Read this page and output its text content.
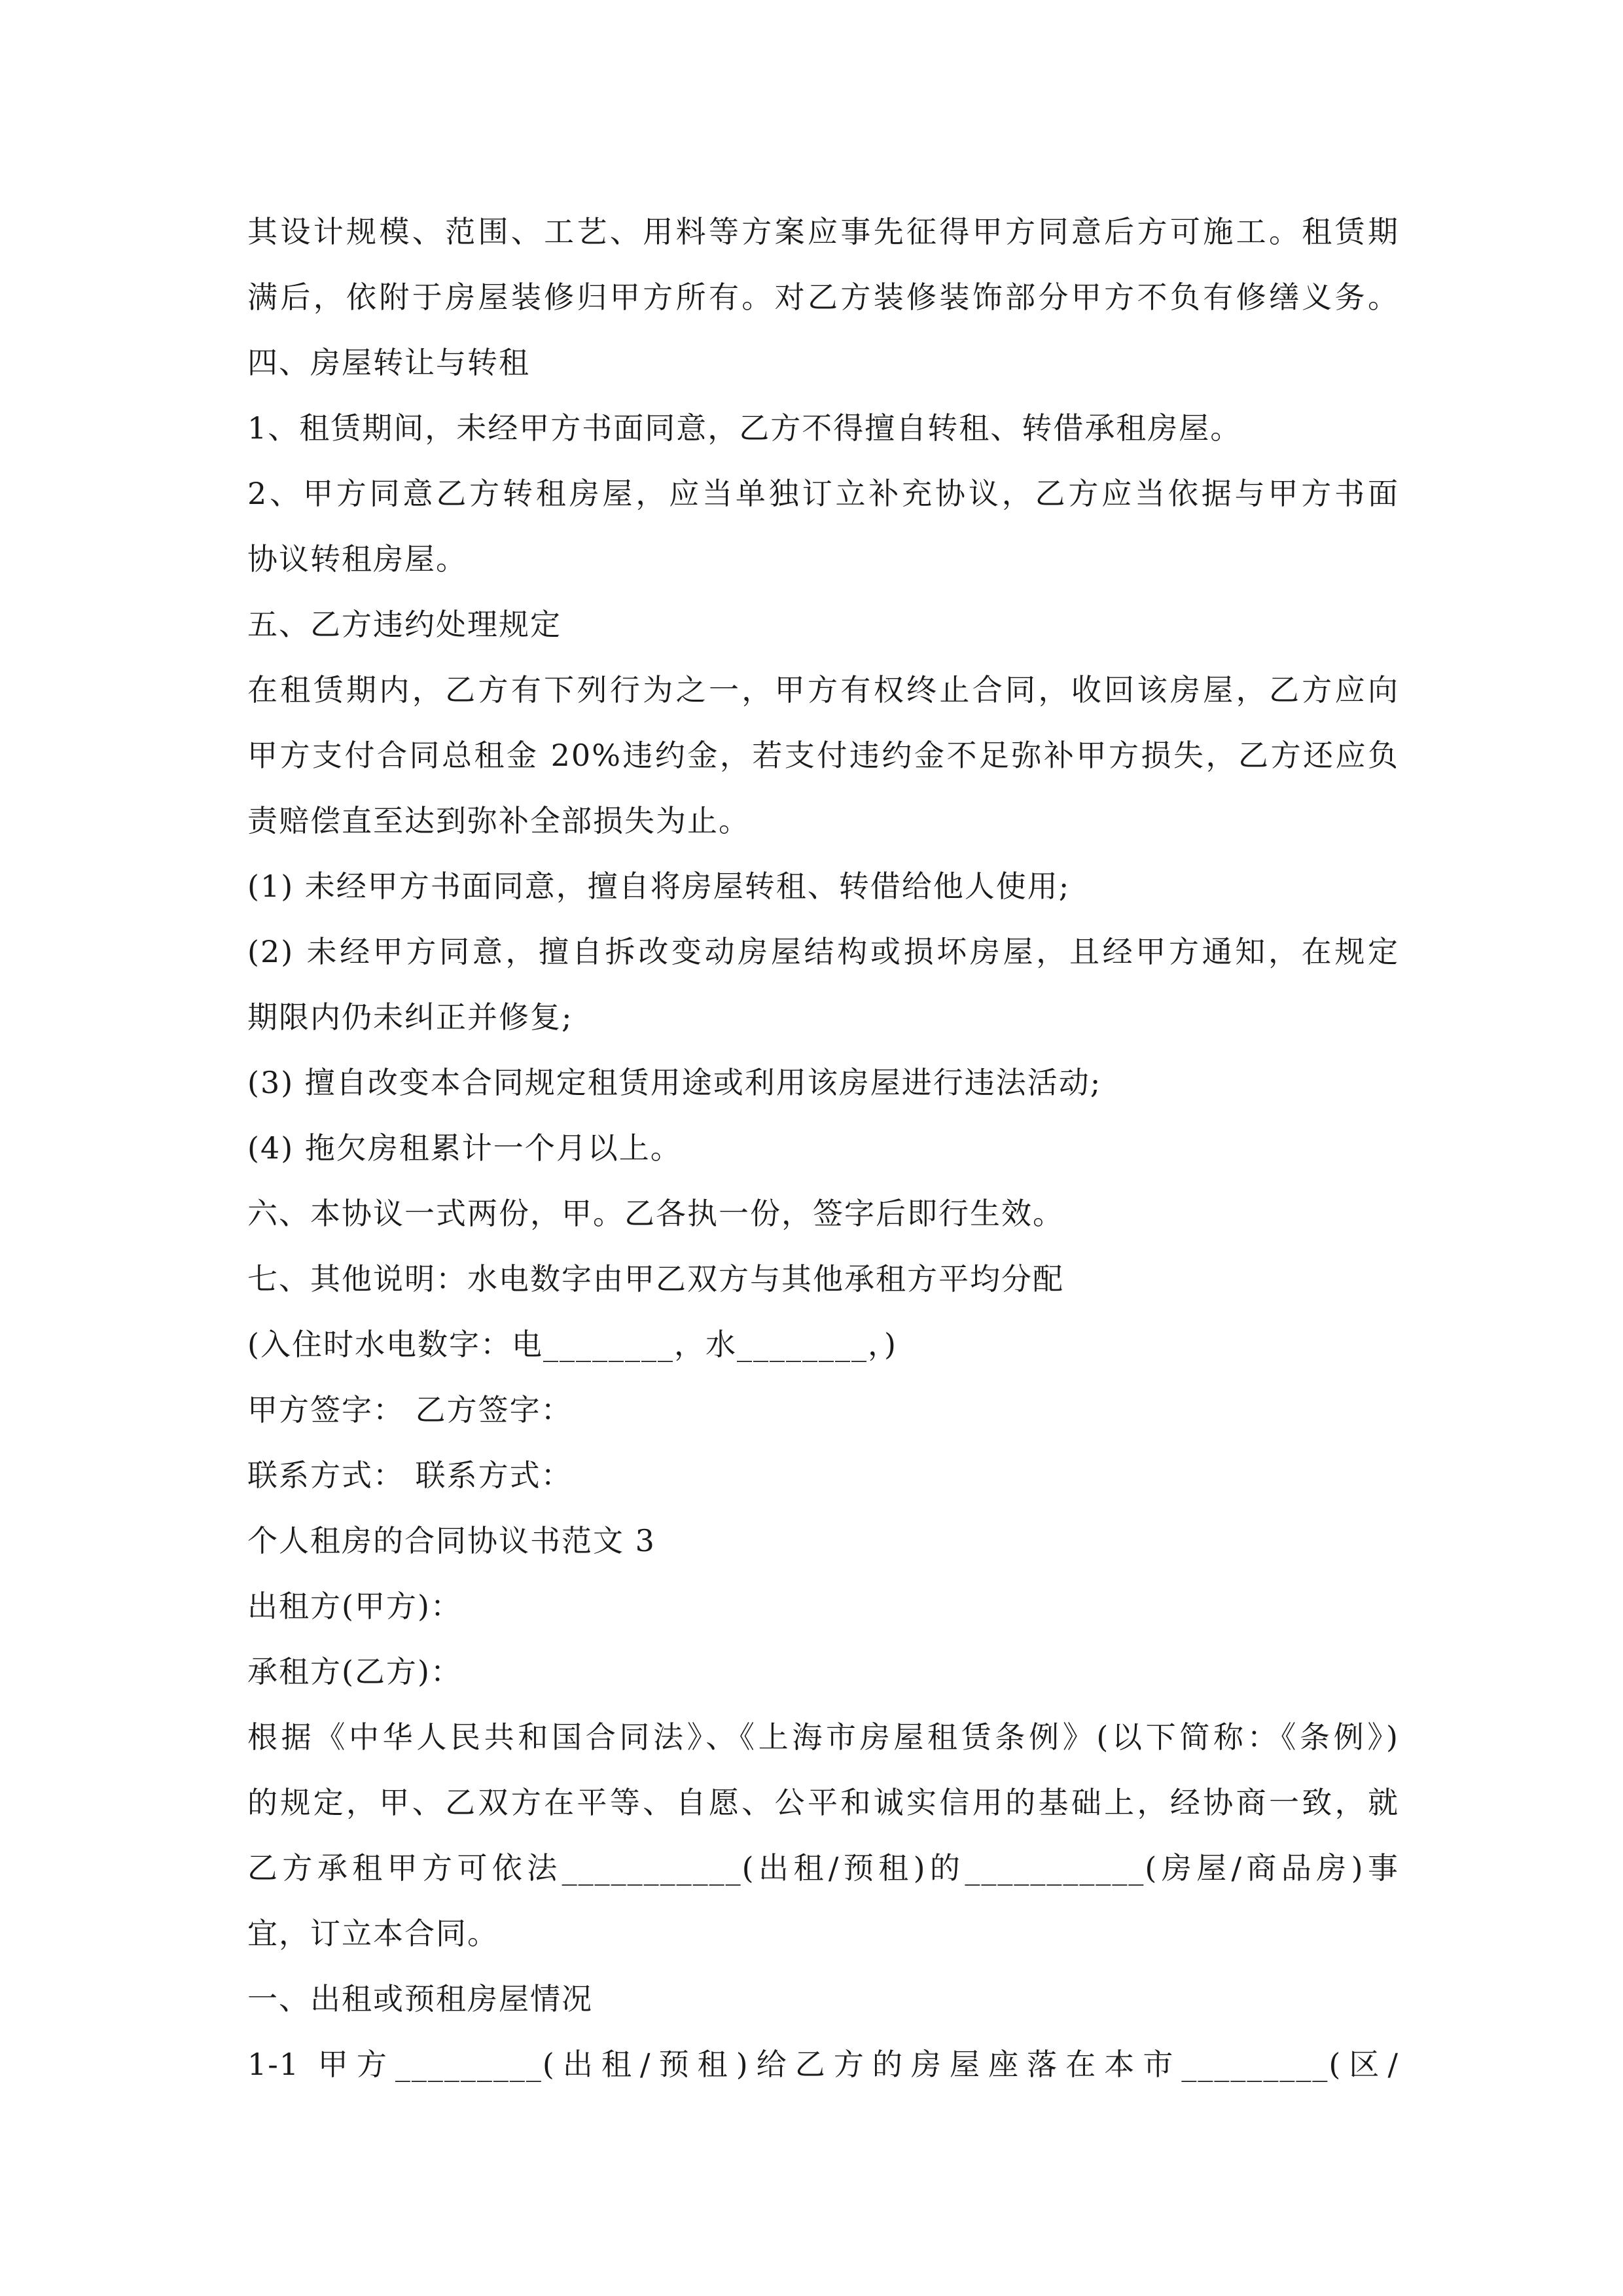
其设计规模、范围、工艺、用料等方案应事先征得甲方同意后方可施工。租赁期
满后，依附于房屋装修归甲方所有。对乙方装修装饰部分甲方不负有修缮义务。
四、房屋转让与转租
1、租赁期间，未经甲方书面同意，乙方不得擅自转租、转借承租房屋。
2、甲方同意乙方转租房屋，应当单独订立补充协议，乙方应当依据与甲方书面
协议转租房屋。
五、乙方违约处理规定
在租赁期内，乙方有下列行为之一，甲方有权终止合同，收回该房屋，乙方应向
甲方支付合同总租金 20%违约金，若支付违约金不足弥补甲方损失，乙方还应负
责赔偿直至达到弥补全部损失为止。
(1) 未经甲方书面同意，擅自将房屋转租、转借给他人使用;
(2) 未经甲方同意，擅自拆改变动房屋结构或损坏房屋，且经甲方通知，在规定
期限内仍未纠正并修复;
(3) 擅自改变本合同规定租赁用途或利用该房屋进行违法活动;
(4) 拖欠房租累计一个月以上。
六、本协议一式两份，甲。乙各执一份，签字后即行生效。
七、其他说明：水电数字由甲乙双方与其他承租方平均分配
(入住时水电数字：电________，水________，)
甲方签字： 乙方签字：
联系方式： 联系方式：
个人租房的合同协议书范文 3
出租方(甲方)：
承租方(乙方)：
根据《中华人民共和国合同法》、《上海市房屋租赁条例》(以下简称：《条例》)
的规定，甲、乙双方在平等、自愿、公平和诚实信用的基础上，经协商一致，就
乙方承租甲方可依法___________(出租/预租)的___________(房屋/商品房)事
宜，订立本合同。
一、出租或预租房屋情况
1-1 甲方_________(出租/预租)给乙方的房屋座落在本市_________(区/
